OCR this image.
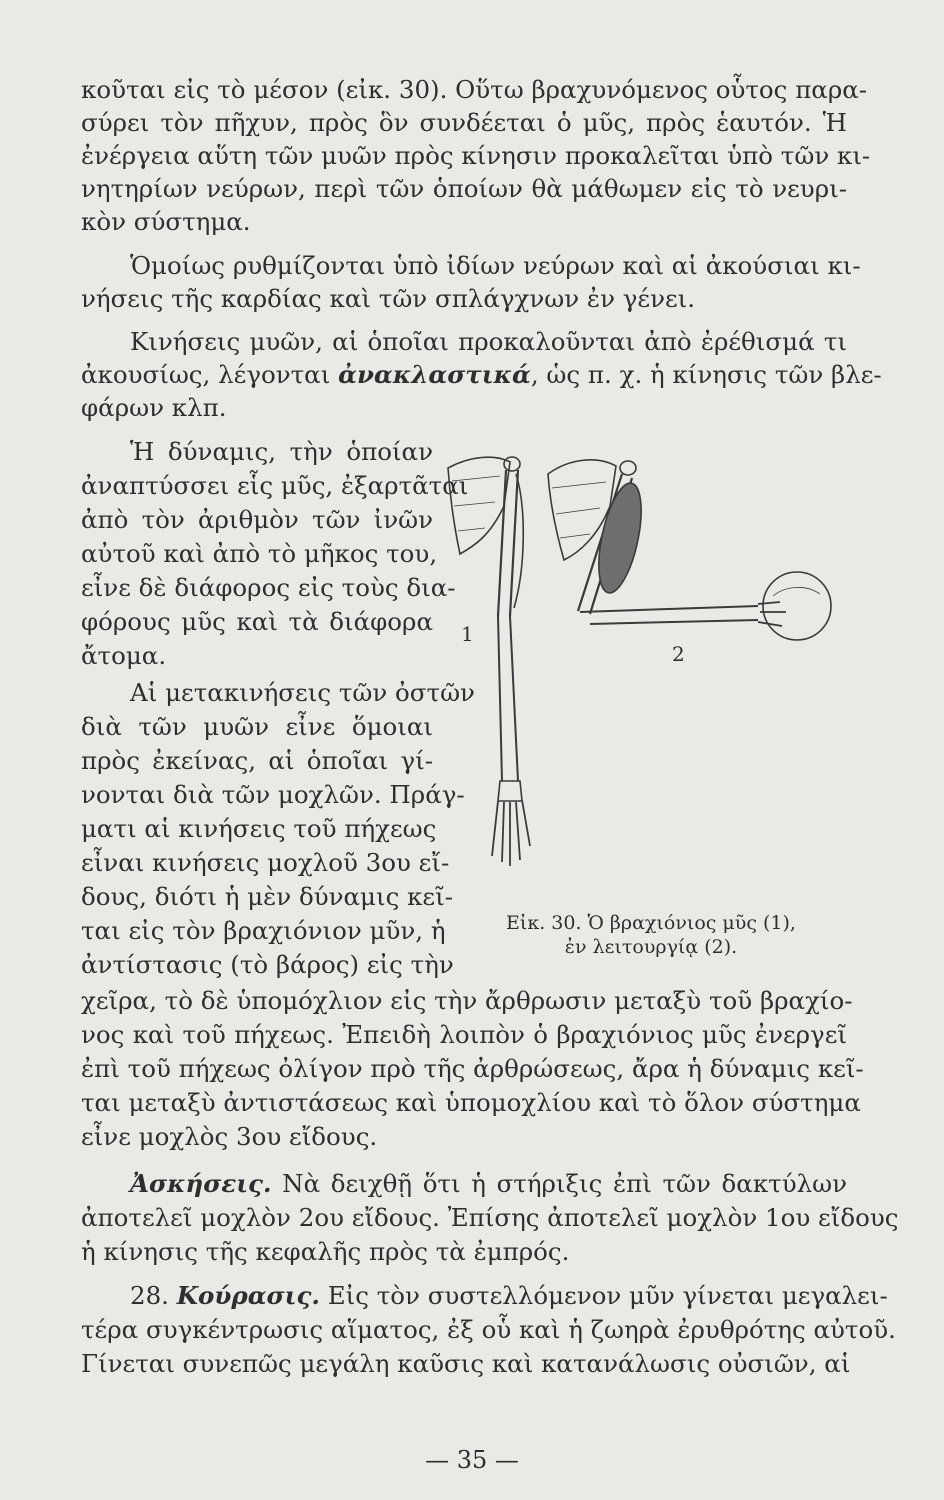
κοῦται εἰς τὸ μέσον (εἰκ. 30). Οὕτω βραχυνόμενος οὗτος παρα-
σύρει τὸν πῆχυν, πρὸς ὃν συνδέεται ὁ μῦς, πρὸς ἑαυτόν. Ἡ
ἐνέργεια αὕτη τῶν μυῶν πρὸς κίνησιν προκαλεῖται ὑπὸ τῶν κι-
νητηρίων νεύρων, περὶ τῶν ὁποίων θὰ μάθωμεν εἰς τὸ νευρι-
κὸν σύστημα.
Ὁμοίως ρυθμίζονται ὑπὸ ἰδίων νεύρων καὶ αἱ ἀκούσιαι κι-
νήσεις τῆς καρδίας καὶ τῶν σπλάγχνων ἐν γένει.
Κινήσεις μυῶν, αἱ ὁποῖαι προκαλοῦνται ἀπὸ ἐρέθισμά τι
ἀκουσίως, λέγονται ἀνακλαστικά, ὡς π. χ. ἡ κίνησις τῶν βλε-
φάρων κλπ.
Ἡ δύναμις, τὴν ὁποίαν
ἀναπτύσσει εἷς μῦς, ἐξαρτᾶται
ἀπὸ τὸν ἀριθμὸν τῶν ἰνῶν
αὐτοῦ καὶ ἀπὸ τὸ μῆκος του,
εἶνε δὲ διάφορος εἰς τοὺς δια-
φόρους μῦς καὶ τὰ διάφορα
ἄτομα.
Αἱ μετακινήσεις τῶν ὀστῶν
διὰ τῶν μυῶν εἶνε ὅμοιαι
πρὸς ἐκείνας, αἱ ὁποῖαι γί-
νονται διὰ τῶν μοχλῶν. Πράγ-
ματι αἱ κινήσεις τοῦ πήχεως
εἶναι κινήσεις μοχλοῦ 3ου εἴ-
δους, διότι ἡ μὲν δύναμις κεῖ-
ται εἰς τὸν βραχιόνιον μῦν, ἡ
ἀντίστασις (τὸ βάρος) εἰς τὴν
χεῖρα, τὸ δὲ ὑπομόχλιον εἰς τὴν ἄρθρωσιν μεταξὺ τοῦ βραχίο-
νος καὶ τοῦ πήχεως. Ἐπειδὴ λοιπὸν ὁ βραχιόνιος μῦς ἐνεργεῖ
ἐπὶ τοῦ πήχεως ὀλίγον πρὸ τῆς ἀρθρώσεως, ἄρα ἡ δύναμις κεῖ-
ται μεταξὺ ἀντιστάσεως καὶ ὑπομοχλίου καὶ τὸ ὅλον σύστημα
εἶνε μοχλὸς 3ου εἴδους.
Ἀσκήσεις. Νὰ δειχθῇ ὅτι ἡ στήριξις ἐπὶ τῶν δακτύλων
ἀποτελεῖ μοχλὸν 2ου εἴδους. Ἐπίσης ἀποτελεῖ μοχλὸν 1ου εἴδους
ἡ κίνησις τῆς κεφαλῆς πρὸς τὰ ἐμπρός.
28. Κούρασις. Εἰς τὸν συστελλόμενον μῦν γίνεται μεγαλει-
τέρα συγκέντρωσις αἵματος, ἐξ οὗ καὶ ἡ ζωηρὰ ἐρυθρότης αὐτοῦ.
Γίνεται συνεπῶς μεγάλη καῦσις καὶ κατανάλωσις οὐσιῶν, αἱ
1
2
Εἰκ. 30. Ὁ βραχιόνιος μῦς (1),
ἐν λειτουργίᾳ (2).
— 35 —
